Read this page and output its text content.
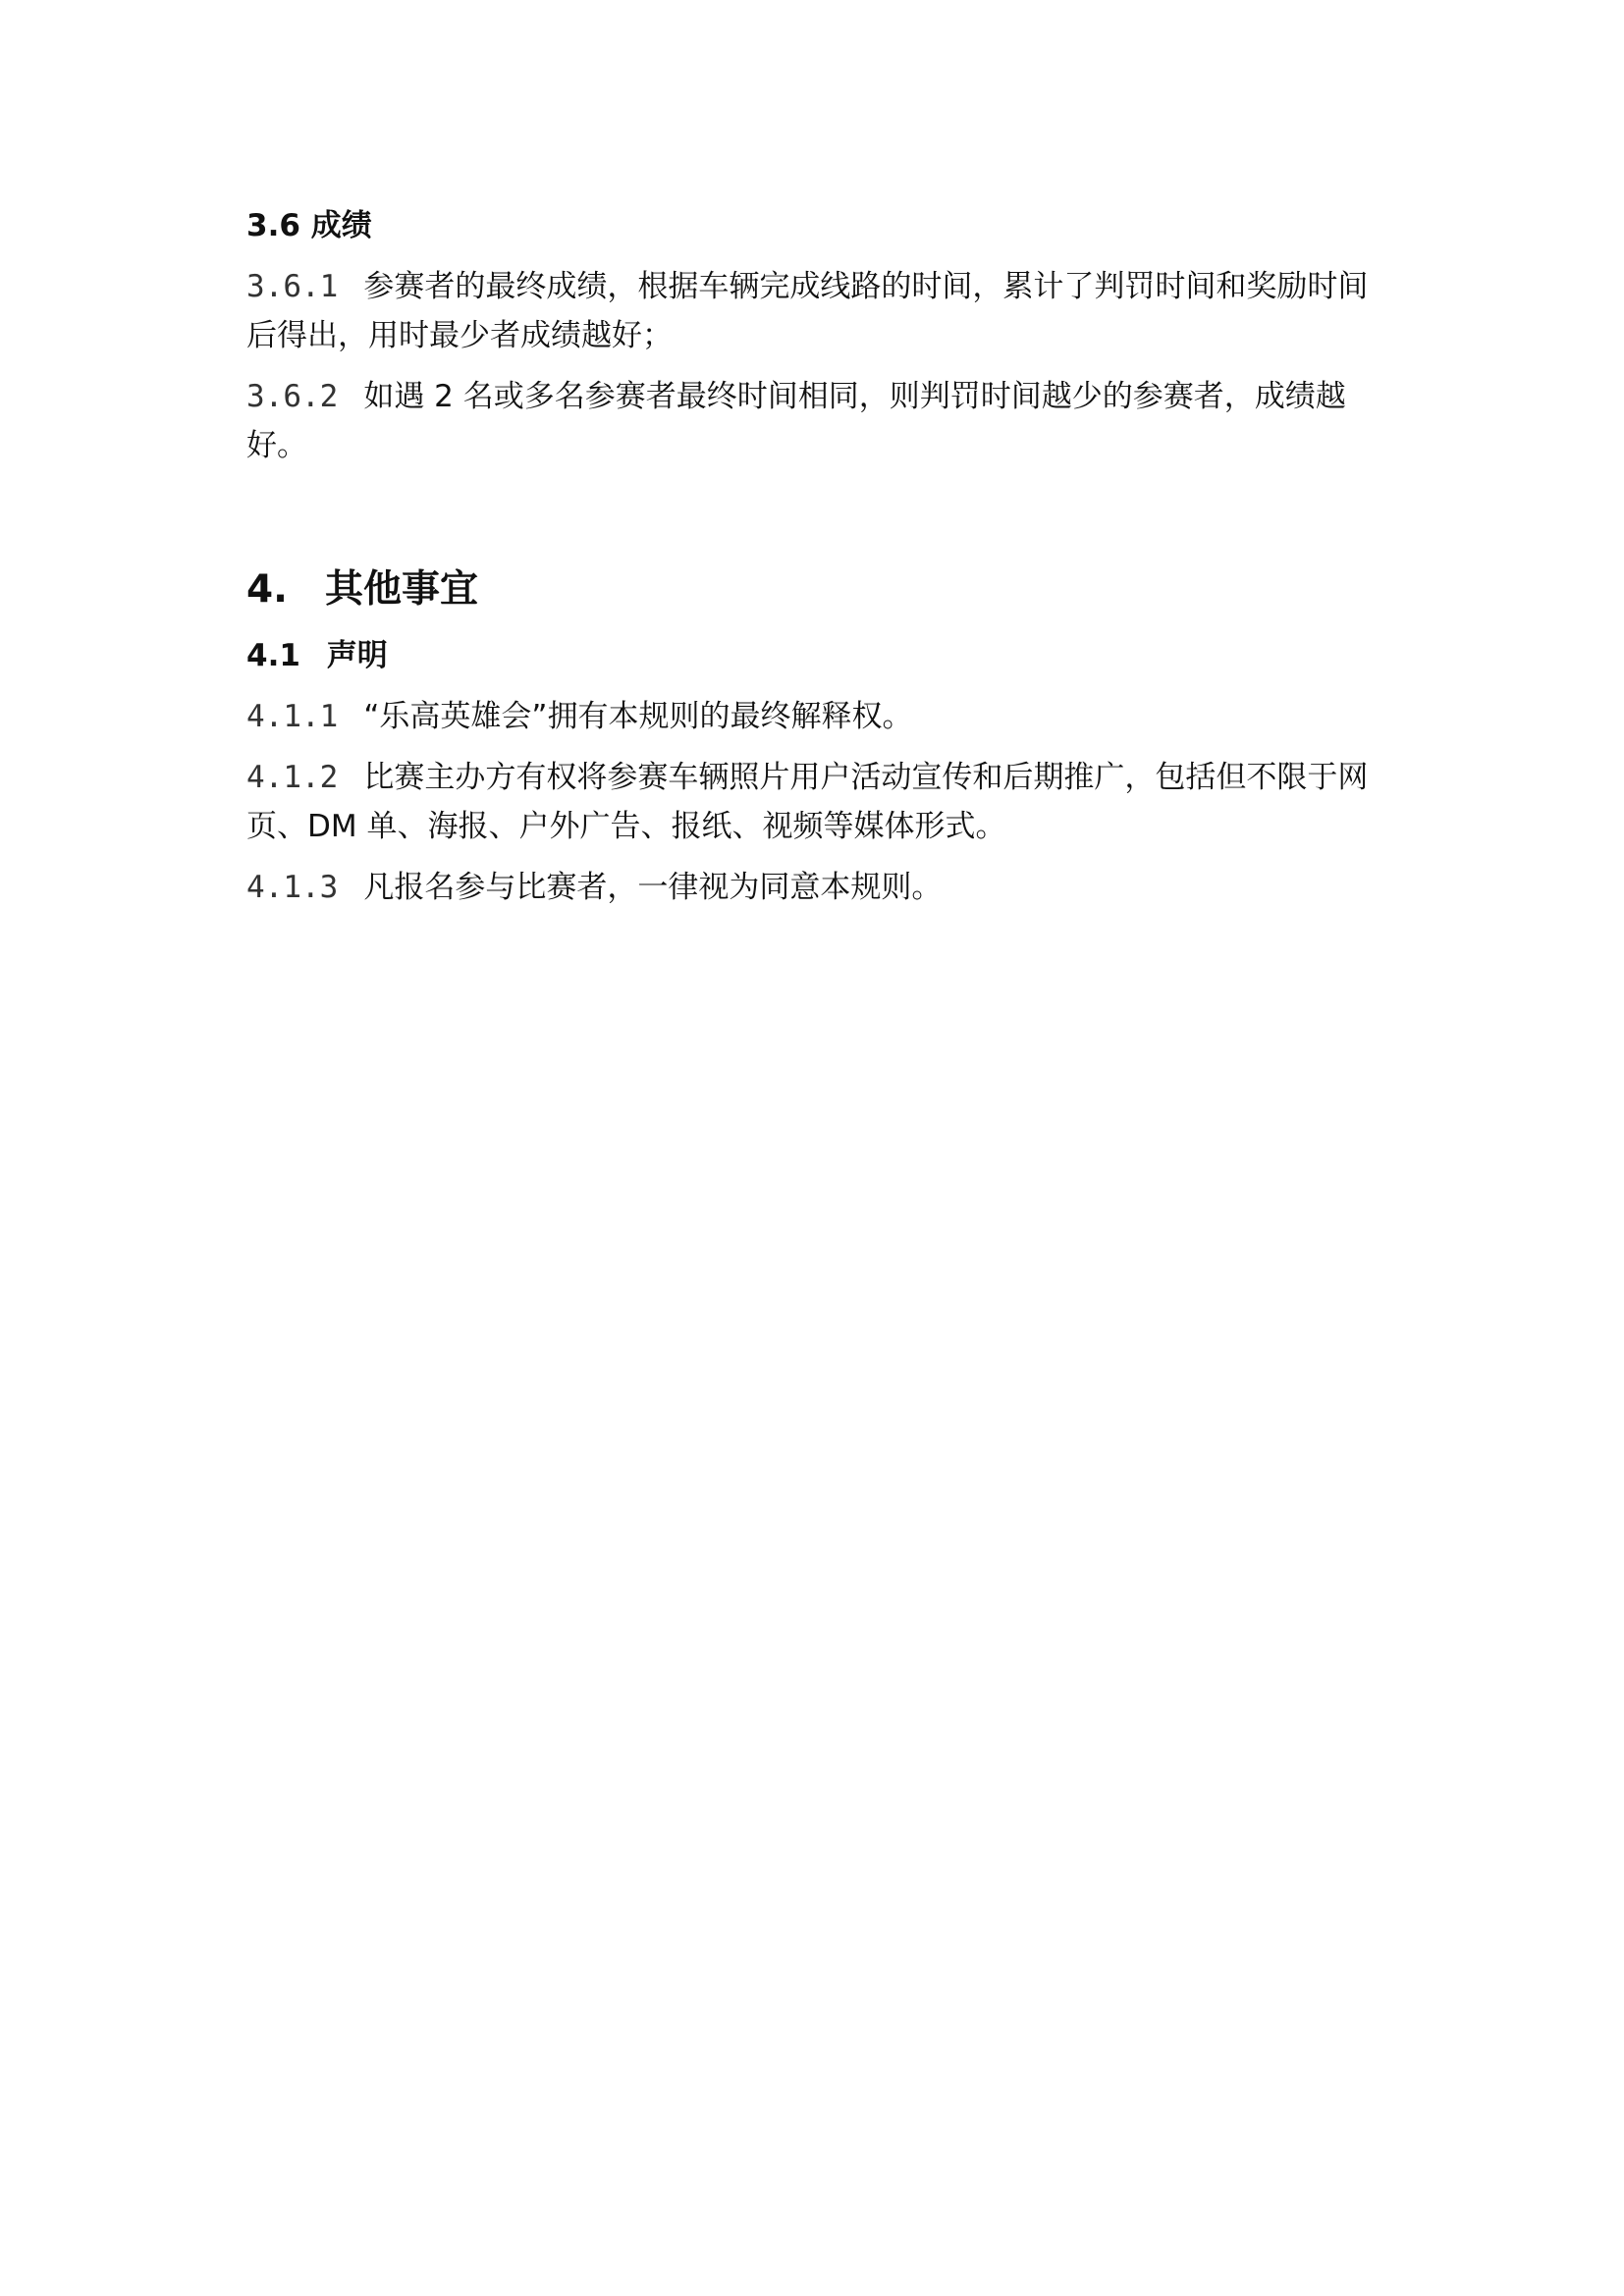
3.6 成绩

3.6.1 参赛者的最终成绩，根据车辆完成线路的时间，累计了判罚时间和奖励时间后得出，用时最少者成绩越好；

3.6.2 如遇 2 名或多名参赛者最终时间相同，则判罚时间越少的参赛者，成绩越好。

4. 其他事宜
4.1 声明

4.1.1 “乐高英雄会”拥有本规则的最终解释权。

4.1.2 比赛主办方有权将参赛车辆照片用户活动宣传和后期推广，包括但不限于网页、DM 单、海报、户外广告、报纸、视频等媒体形式。

4.1.3 凡报名参与比赛者，一律视为同意本规则。
